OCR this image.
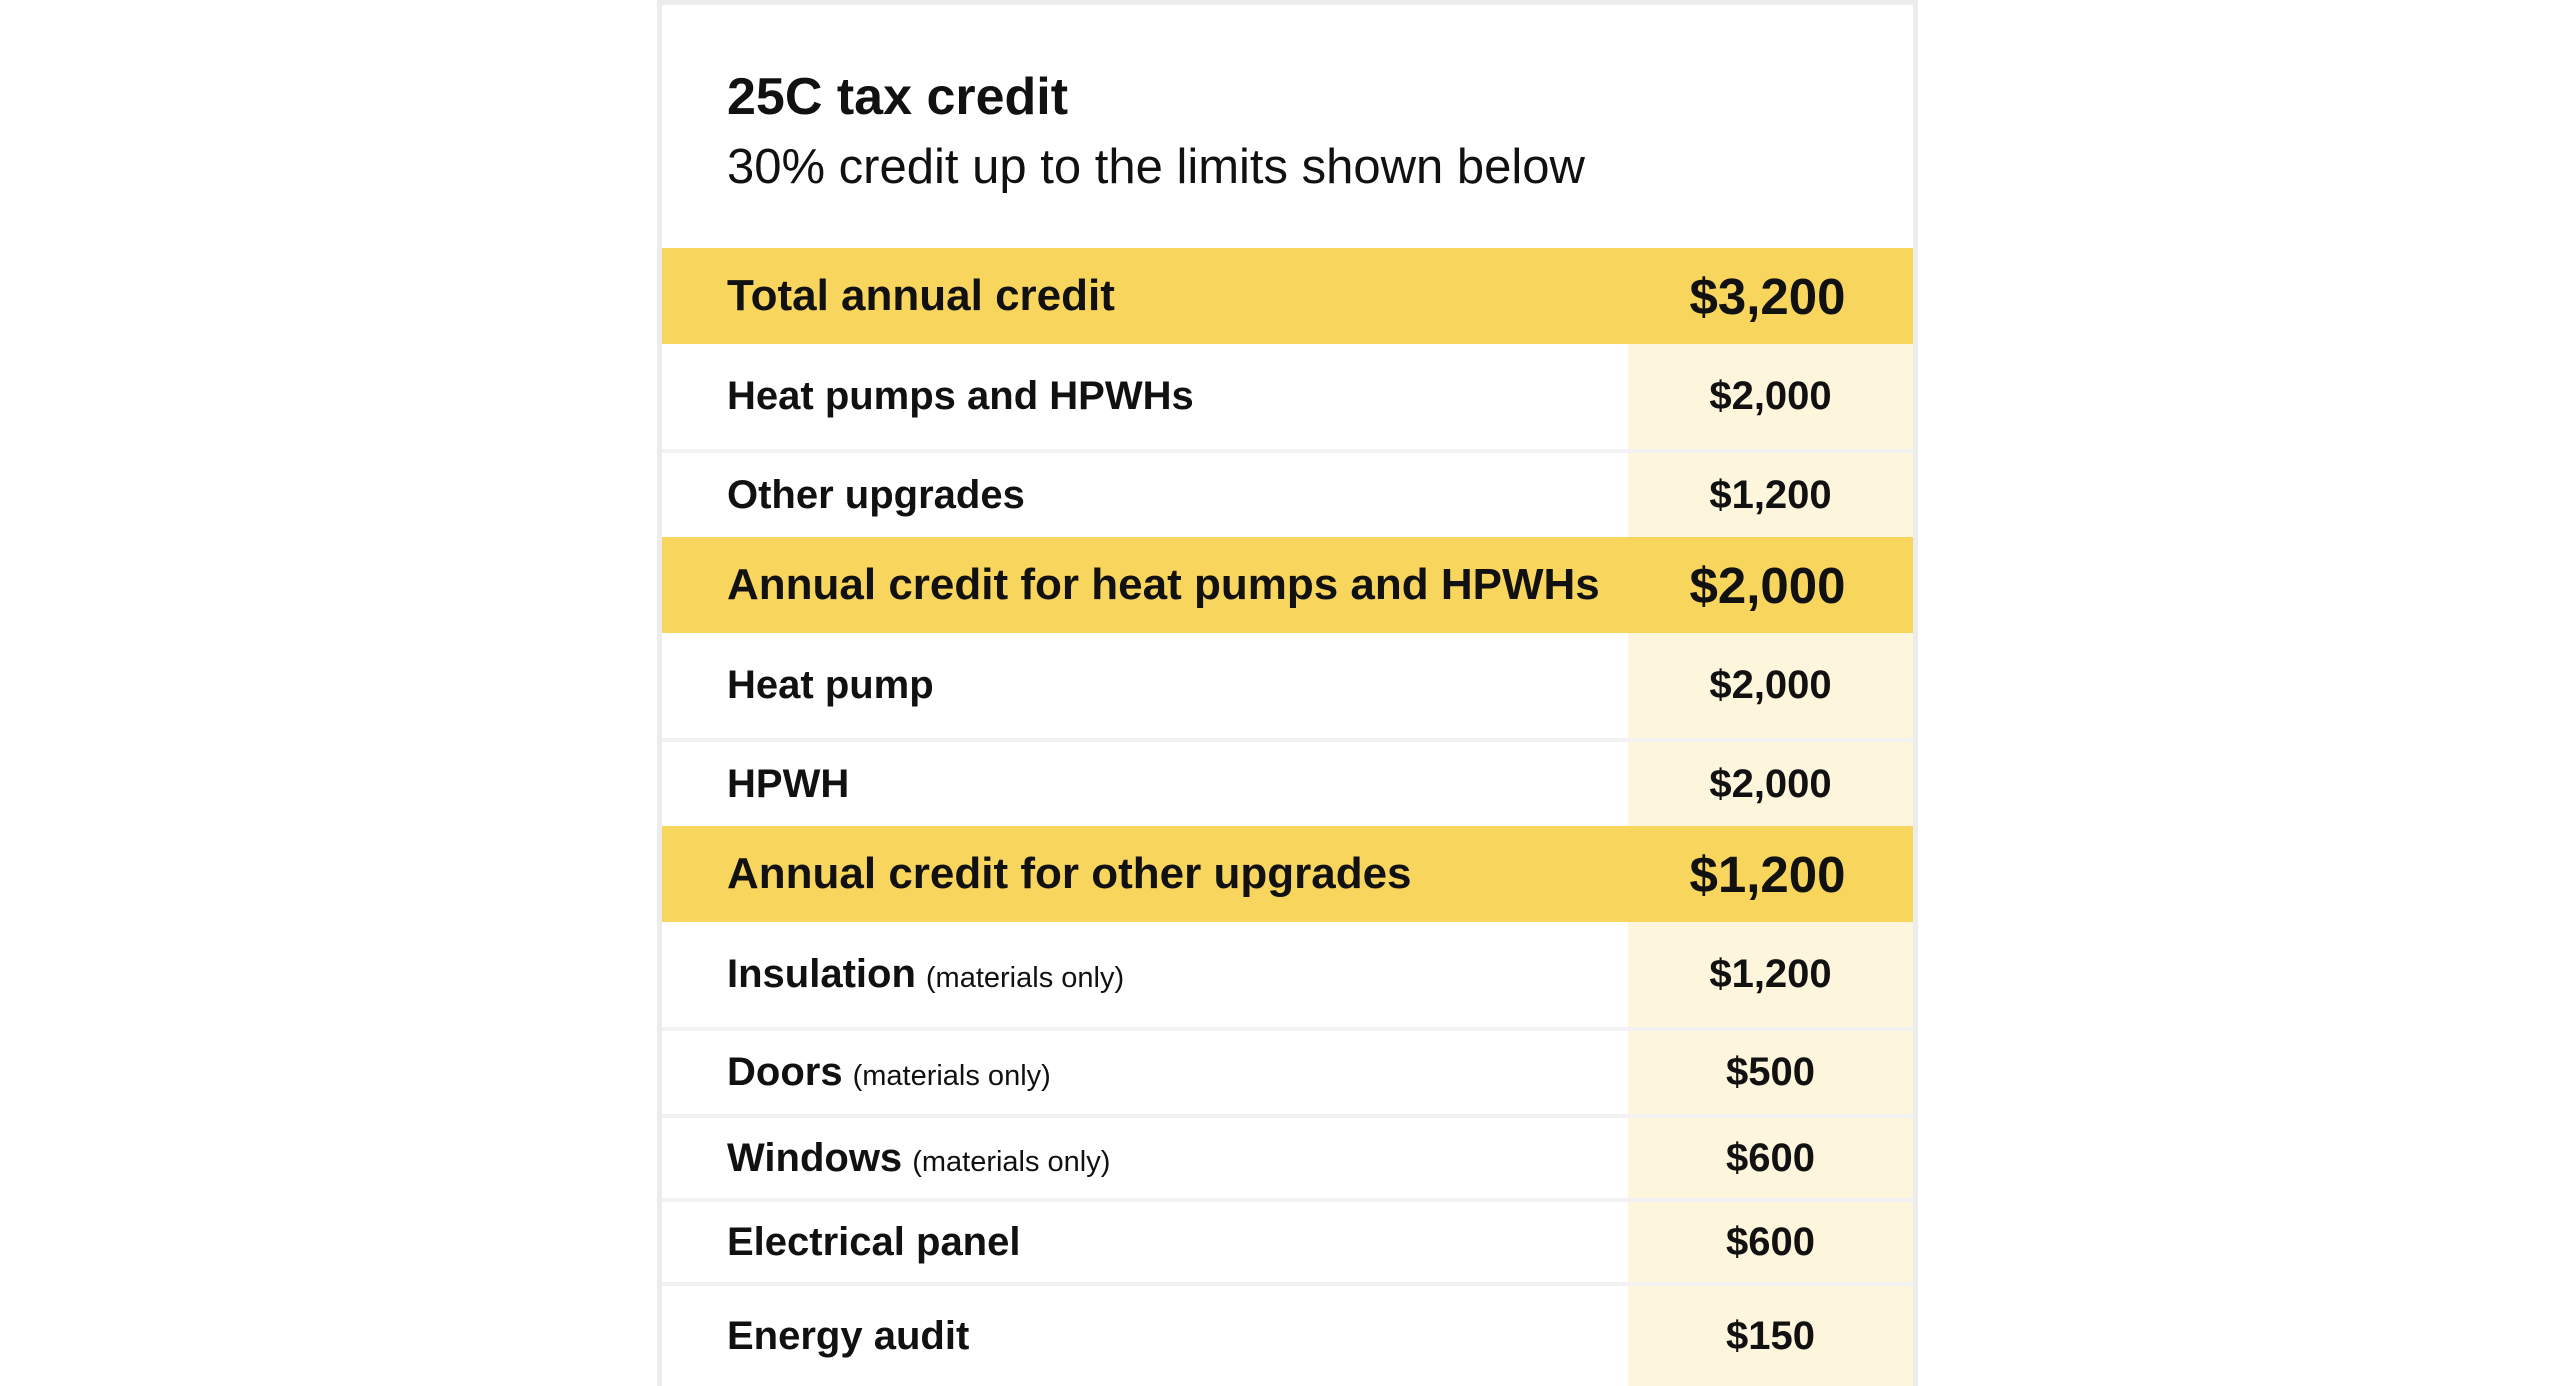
25C tax credit
30% credit up to the limits shown below
Total annual credit	$3,200
Heat pumps and HPWHs	$2,000
Other upgrades	$1,200
Annual credit for heat pumps and HPWHs	$2,000
Heat pump	$2,000
HPWH	$2,000
Annual credit for other upgrades	$1,200
Insulation (materials only)	$1,200
Doors (materials only)	$500
Windows (materials only)	$600
Electrical panel	$600
Energy audit	$150
